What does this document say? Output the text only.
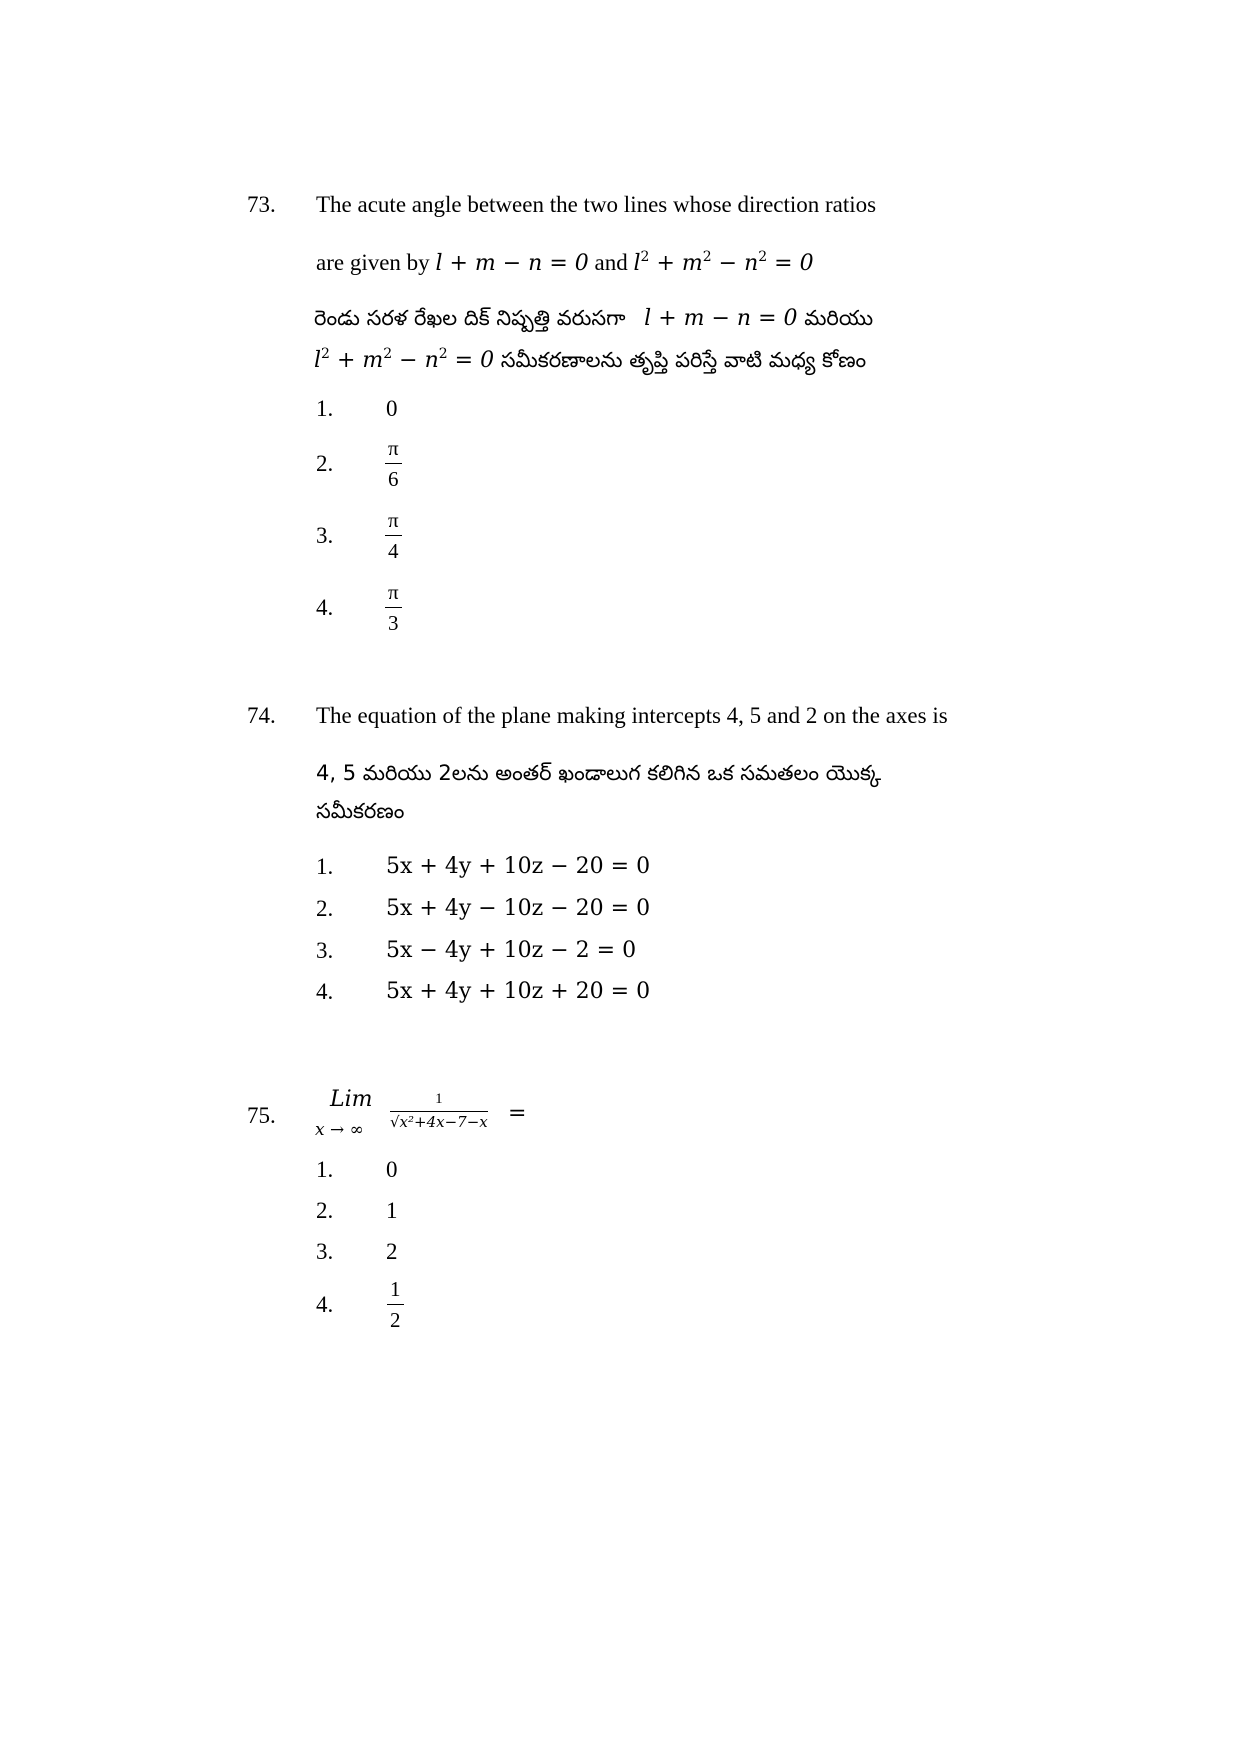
73. The acute angle between the two lines whose direction ratios
are given by l + m − n = 0 and $l^2 + m^2 - n^2 = 0$
రెండు సరళ రేఖల దిక్ నిష్పత్తి వరుసగా l + m − n = 0 మరియు
$l^2 + m^2 - n^2 = 0$ సమీకరణాలను తృప్తి పరిస్తే వాటి మధ్య కోణం
1. 0
2. $\frac{\pi}{6}$
3. $\frac{\pi}{4}$
4. $\frac{\pi}{3}$
74. The equation of the plane making intercepts 4, 5 and 2 on the axes is
4, 5 మరియు 2లను అంతర్ ఖండాలుగ కలిగిన ఒక సమతలం యొక్క
సమీకరణం
1. 5x + 4y + 10z − 20 = 0
2. 5x + 4y − 10z − 20 = 0
3. 5x − 4y + 10z − 2 = 0
4. 5x + 4y + 10z + 20 = 0
75.
Lim
x → ∞ $\frac{1}{\text{√x²+4x−7−x}}$ =
1. 0
2. 1
3. 2
4.	$\frac{1}{2}$
